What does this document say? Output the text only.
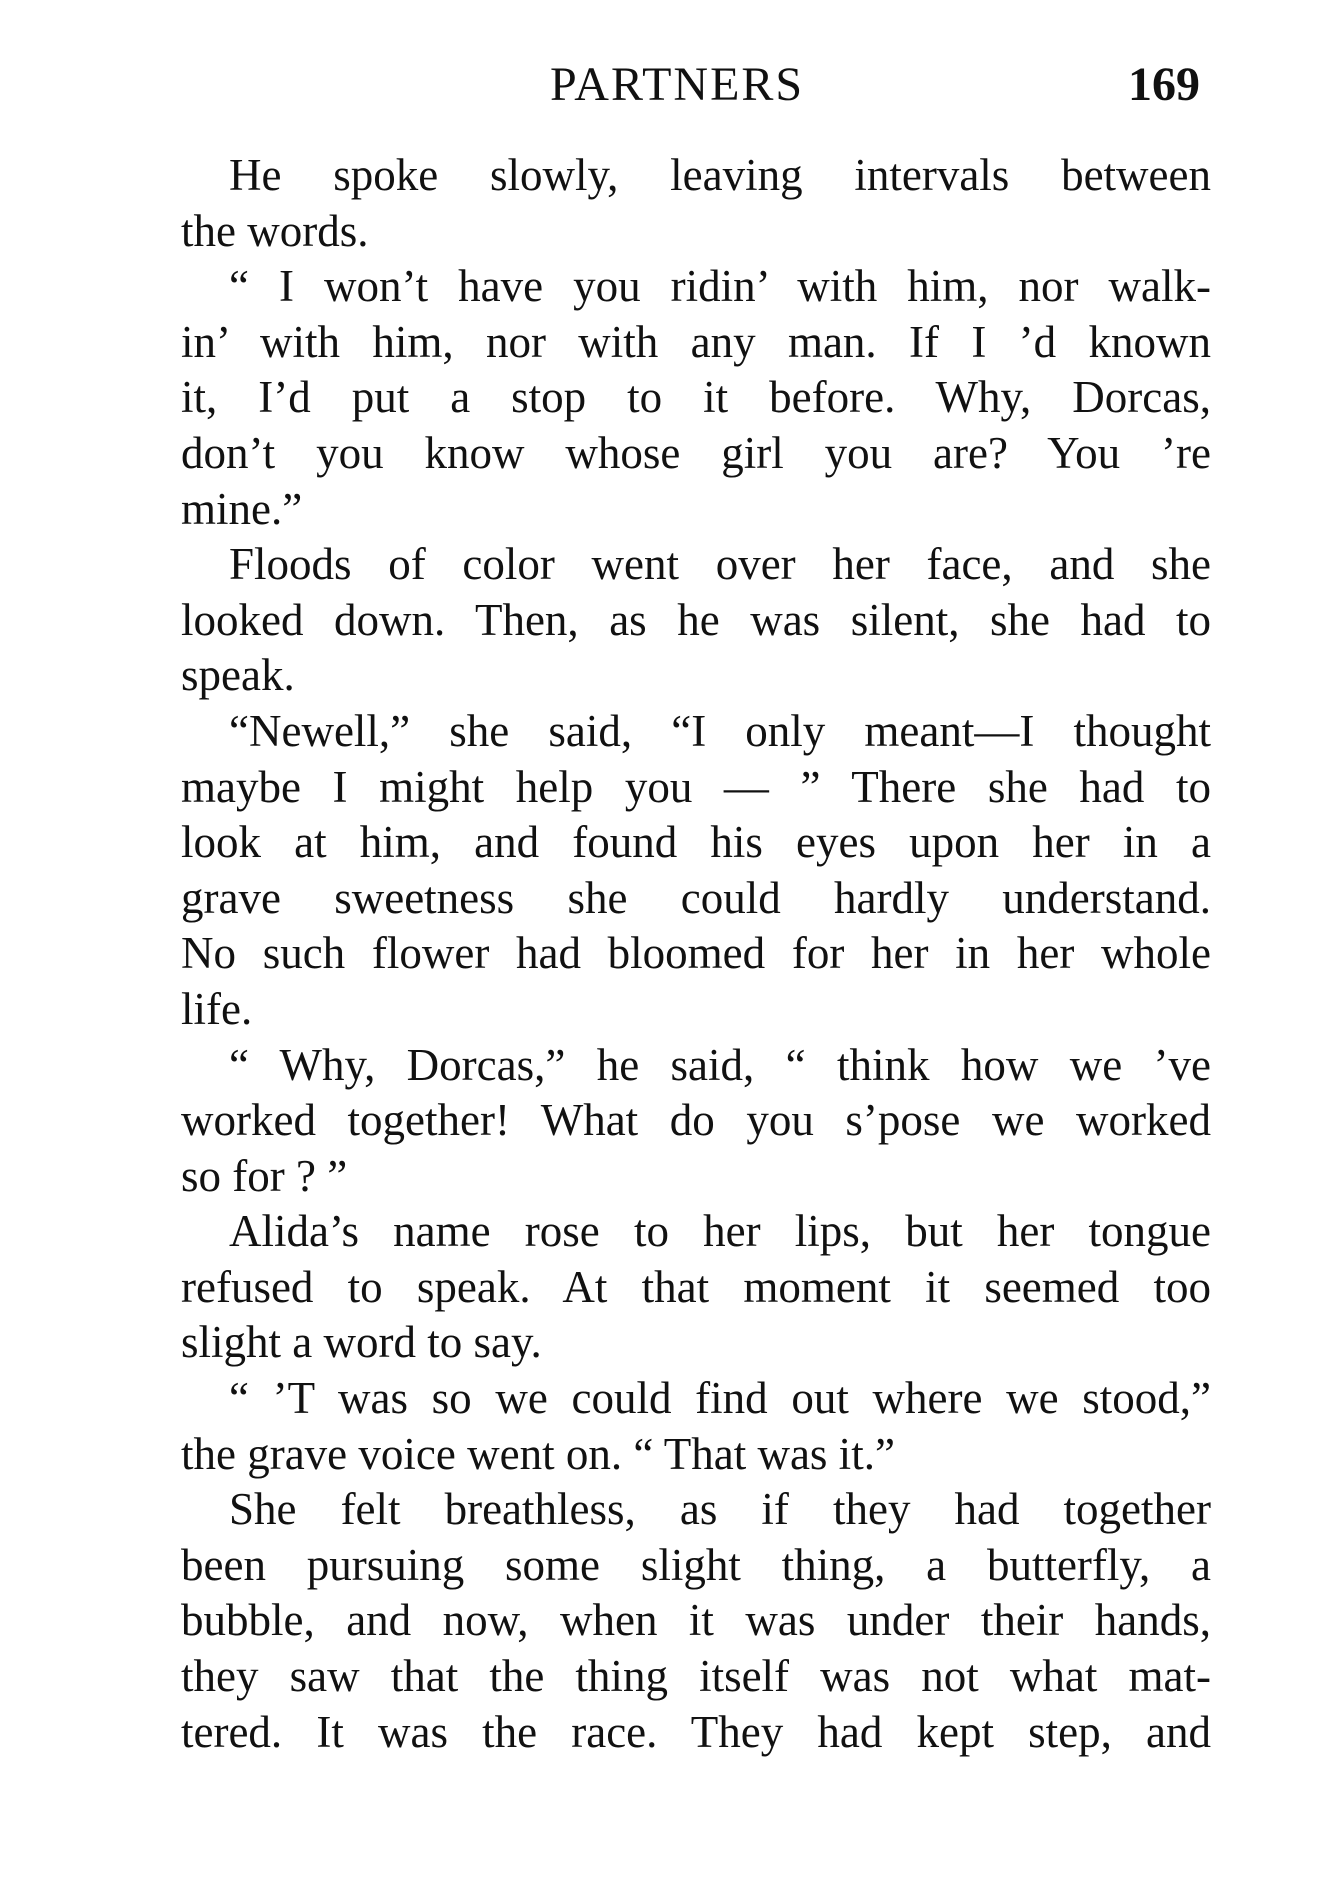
PARTNERS	169
He spoke slowly, leaving intervals between
the words.
“ I won’t have you ridin’ with him, nor walk-
in’ with him, nor with any man. If I ’d known
it, I’d put a stop to it before. Why, Dorcas,
don’t you know whose girl you are? You ’re
mine.”
Floods of color went over her face, and she
looked down. Then, as he was silent, she had to
speak.
“Newell,” she said, “I only meant—I thought
maybe I might help you — ” There she had to
look at him, and found his eyes upon her in a
grave sweetness she could hardly understand.
No such flower had bloomed for her in her whole
life.
“ Why, Dorcas,” he said, “ think how we ’ve
worked together! What do you s’pose we worked
so for ? ”
Alida’s name rose to her lips, but her tongue
refused to speak. At that moment it seemed too
slight a word to say.
“ ’T was so we could find out where we stood,”
the grave voice went on. “ That was it.”
She felt breathless, as if they had together
been pursuing some slight thing, a butterfly, a
bubble, and now, when it was under their hands,
they saw that the thing itself was not what mat-
tered. It was the race. They had kept step, and
